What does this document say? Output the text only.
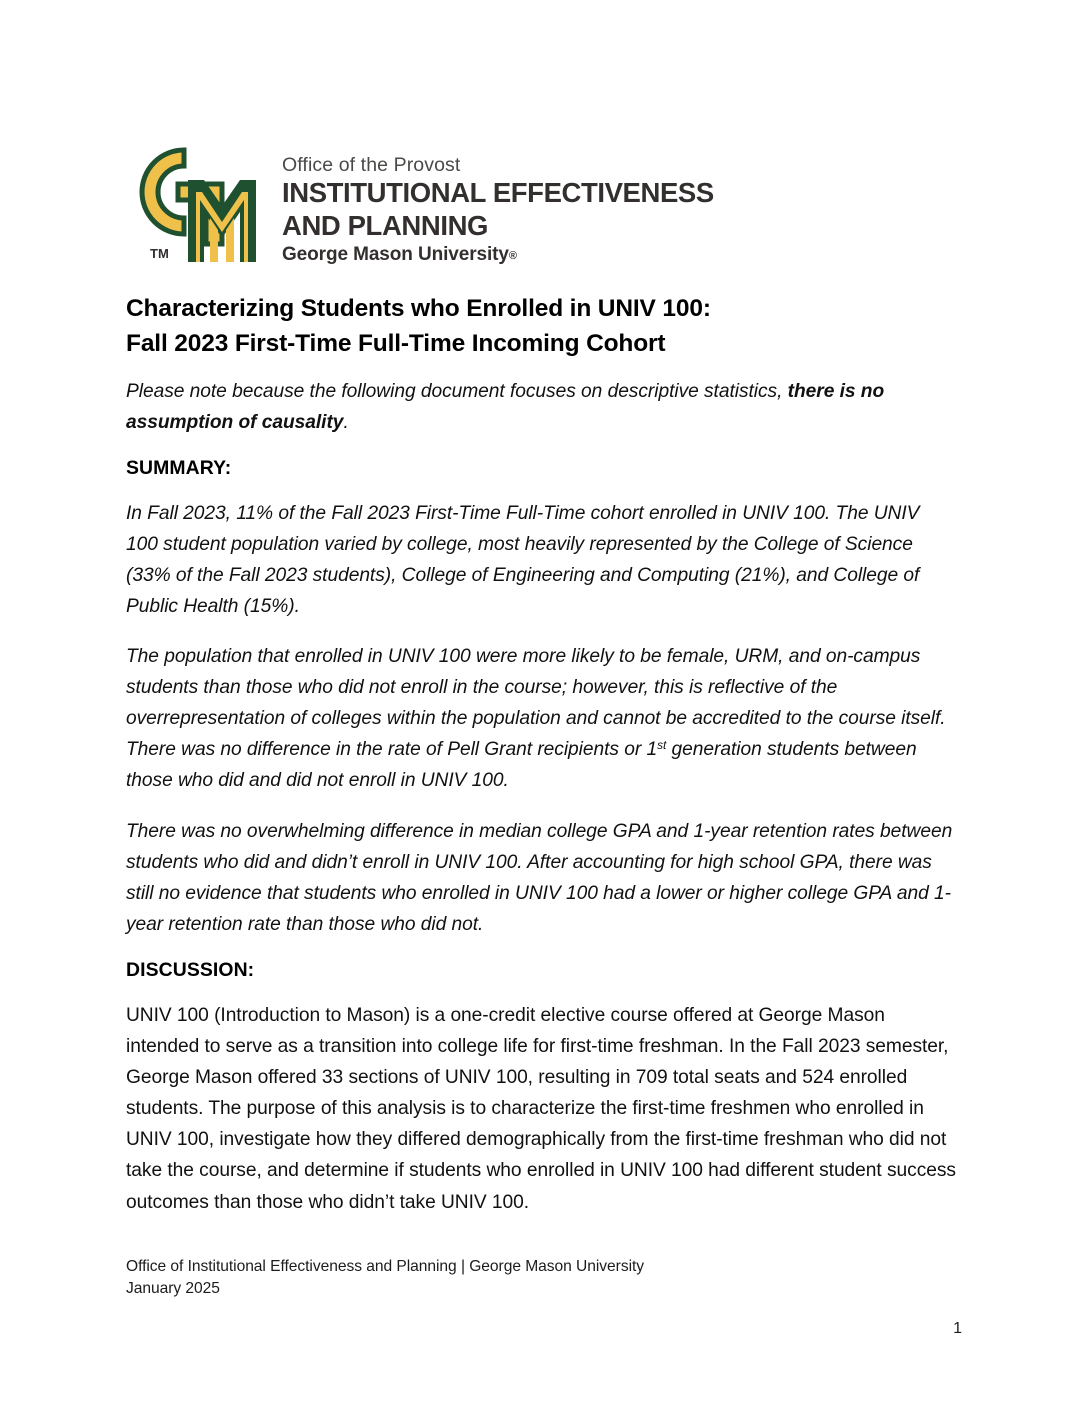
TM
Office of the Provost
INSTITUTIONAL EFFECTIVENESS
AND PLANNING
George Mason University®
Characterizing Students who Enrolled in UNIV 100:
Fall 2023 First-Time Full-Time Incoming Cohort

Please note because the following document focuses on descriptive statistics, there is no assumption of causality.

SUMMARY:

In Fall 2023, 11% of the Fall 2023 First-Time Full-Time cohort enrolled in UNIV 100. The UNIV 100 student population varied by college, most heavily represented by the College of Science (33% of the Fall 2023 students), College of Engineering and Computing (21%), and College of Public Health (15%).

The population that enrolled in UNIV 100 were more likely to be female, URM, and on-campus students than those who did not enroll in the course; however, this is reflective of the overrepresentation of colleges within the population and cannot be accredited to the course itself. There was no difference in the rate of Pell Grant recipients or 1st generation students between those who did and did not enroll in UNIV 100.

There was no overwhelming difference in median college GPA and 1-year retention rates between students who did and didn’t enroll in UNIV 100. After accounting for high school GPA, there was still no evidence that students who enrolled in UNIV 100 had a lower or higher college GPA and 1-year retention rate than those who did not.

DISCUSSION:

UNIV 100 (Introduction to Mason) is a one-credit elective course offered at George Mason intended to serve as a transition into college life for first-time freshman. In the Fall 2023 semester, George Mason offered 33 sections of UNIV 100, resulting in 709 total seats and 524 enrolled students. The purpose of this analysis is to characterize the first-time freshmen who enrolled in UNIV 100, investigate how they differed demographically from the first-time freshman who did not take the course, and determine if students who enrolled in UNIV 100 had different student success outcomes than those who didn’t take UNIV 100.

Office of Institutional Effectiveness and Planning | George Mason University
January 2025
1
